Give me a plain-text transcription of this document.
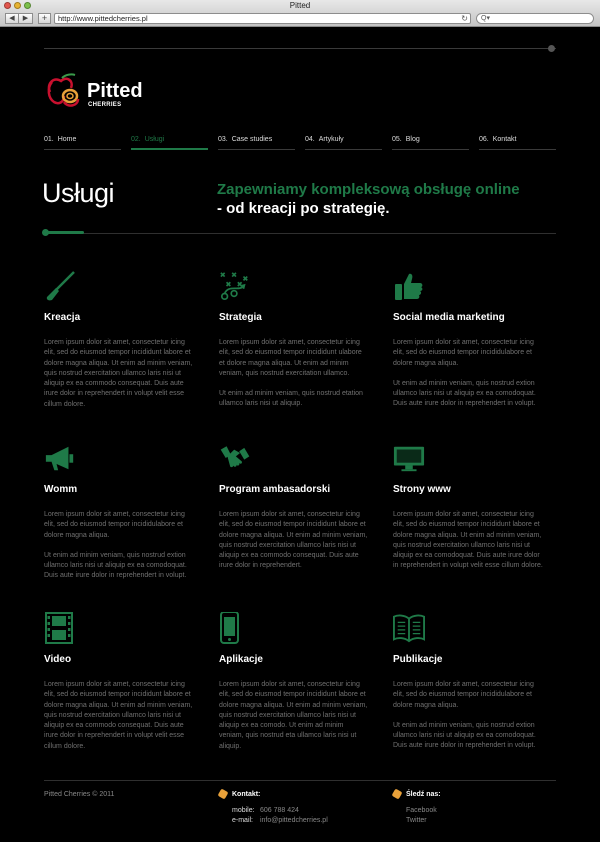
Pitted
◀	▶	+	http://www.pittedcherries.pl	↻	Q▾
Pitted
CHERRIES
01. Home	02. Usługi	03. Case studies	04. Artykuły	05. Blog	06. Kontakt
Usługi	Zapewniamy kompleksową obsługę online
- od kreacji po strategię.
Kreacja

Lorem ipsum dolor sit amet, consectetur icing elit, sed do eiusmod tempor incididunt labore et dolore magna aliqua. Ut enim ad minim veniam, quis nostrud exercitation ullamco laris nisi ut aliquip ex ea commodo consequat. Duis aute irure dolor in reprehendert in volupt velit esse cillum dolore.

Strategia

Lorem ipsum dolor sit amet, consectetur icing elit, sed do eiusmod tempor incididunt ulabore et dolore magna aliqua. Ut enim ad minim veniam, quis nostrud exercitation ullamco.

Ut enim ad minim veniam, quis nostrud etation ullamco laris nisi ut aliquip.

Social media marketing

Lorem ipsum dolor sit amet, consectetur icing elit, sed do eiusmod tempor incididulabore et dolore magna aliqua.

Ut enim ad minim veniam, quis nostrud extion ullamco laris nisi ut aliquip ex ea comodoquat. Duis aute irure dolor in reprehendert in volupt.

Womm

Lorem ipsum dolor sit amet, consectetur icing elit, sed do eiusmod tempor incididulabore et dolore magna aliqua.

Ut enim ad minim veniam, quis nostrud extion ullamco laris nisi ut aliquip ex ea comodoquat. Duis aute irure dolor in reprehendert in volupt.

Program ambasadorski

Lorem ipsum dolor sit amet, consectetur icing elit, sed do eiusmod tempor incididunt labore et dolore magna aliqua. Ut enim ad minim veniam, quis nostrud exercitation ullamco laris nisi ut aliquip ex ea commodo consequat. Duis aute irure dolor in reprehendert.

Strony www

Lorem ipsum dolor sit amet, consectetur icing elit, sed do eiusmod tempor incididunt labore et dolore magna aliqua. Ut enim ad minim veniam, quis nostrud exercitation ullamco laris nisi ut aliquip ex ea comodoquat. Duis aute irure dolor in reprehendert in volupt velit esse cillum dolore.

Video

Lorem ipsum dolor sit amet, consectetur icing elit, sed do eiusmod tempor incididunt labore et dolore magna aliqua. Ut enim ad minim veniam, quis nostrud exercitation ullamco laris nisi ut aliquip ex ea commodo consequat. Duis aute irure dolor in reprehendert in volupt velit esse cillum dolore.

Aplikacje

Lorem ipsum dolor sit amet, consectetur icing elit, sed do eiusmod tempor incididunt labore et dolore magna aliqua. Ut enim ad minim veniam, quis nostrud exercitation ullamco laris nisi ut aliquip ex ea comodo. Ut enim ad minim veniam, quis nostrud eta ullamco laris nisi ut aliquip.

Publikacje

Lorem ipsum dolor sit amet, consectetur icing elit, sed do eiusmod tempor incididulabore et dolore magna aliqua.

Ut enim ad minim veniam, quis nostrud extion ullamco laris nisi ut aliquip ex ea comodoquat. Duis aute irure dolor in reprehendert in volupt.

Pitted Cherries © 2011	Kontakt:
mobile: 606 788 424
e-mail: info@pittedcherries.pl
Śledź nas:
Facebook
Twitter
